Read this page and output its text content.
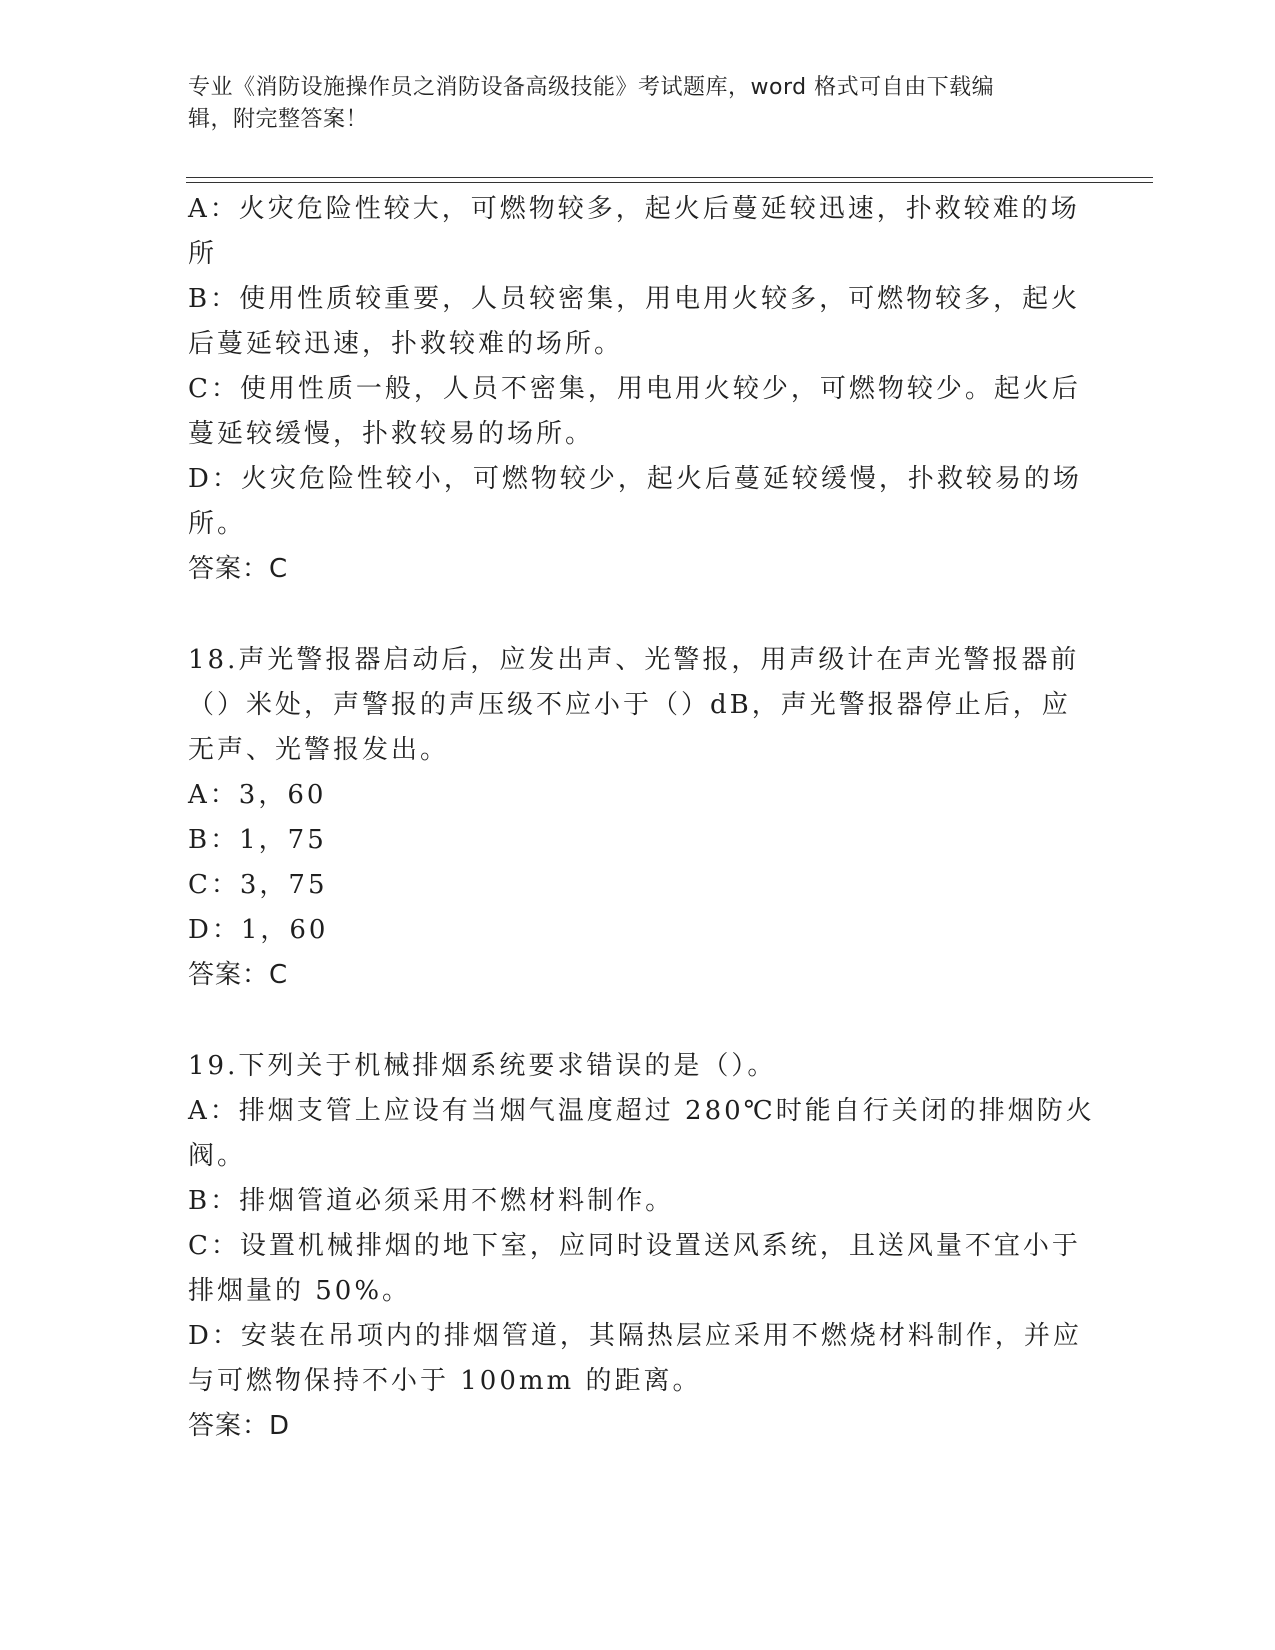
专业《消防设施操作员之消防设备高级技能》考试题库，word 格式可自由下载编
辑，附完整答案！
A：火灾危险性较大，可燃物较多，起火后蔓延较迅速，扑救较难的场
所
B：使用性质较重要，人员较密集，用电用火较多，可燃物较多，起火
后蔓延较迅速，扑救较难的场所。
C：使用性质一般，人员不密集，用电用火较少，可燃物较少。起火后
蔓延较缓慢，扑救较易的场所。
D：火灾危险性较小，可燃物较少，起火后蔓延较缓慢，扑救较易的场
所。
答案：C
18.声光警报器启动后，应发出声、光警报，用声级计在声光警报器前
（）米处，声警报的声压级不应小于（）dB，声光警报器停止后，应
无声、光警报发出。
A：3，60
B：1，75
C：3，75
D：1，60
答案：C
19.下列关于机械排烟系统要求错误的是（）。
A：排烟支管上应设有当烟气温度超过 280℃时能自行关闭的排烟防火
阀。
B：排烟管道必须采用不燃材料制作。
C：设置机械排烟的地下室，应同时设置送风系统，且送风量不宜小于
排烟量的 50%。
D：安装在吊项内的排烟管道，其隔热层应采用不燃烧材料制作，并应
与可燃物保持不小于 100mm 的距离。
答案：D
